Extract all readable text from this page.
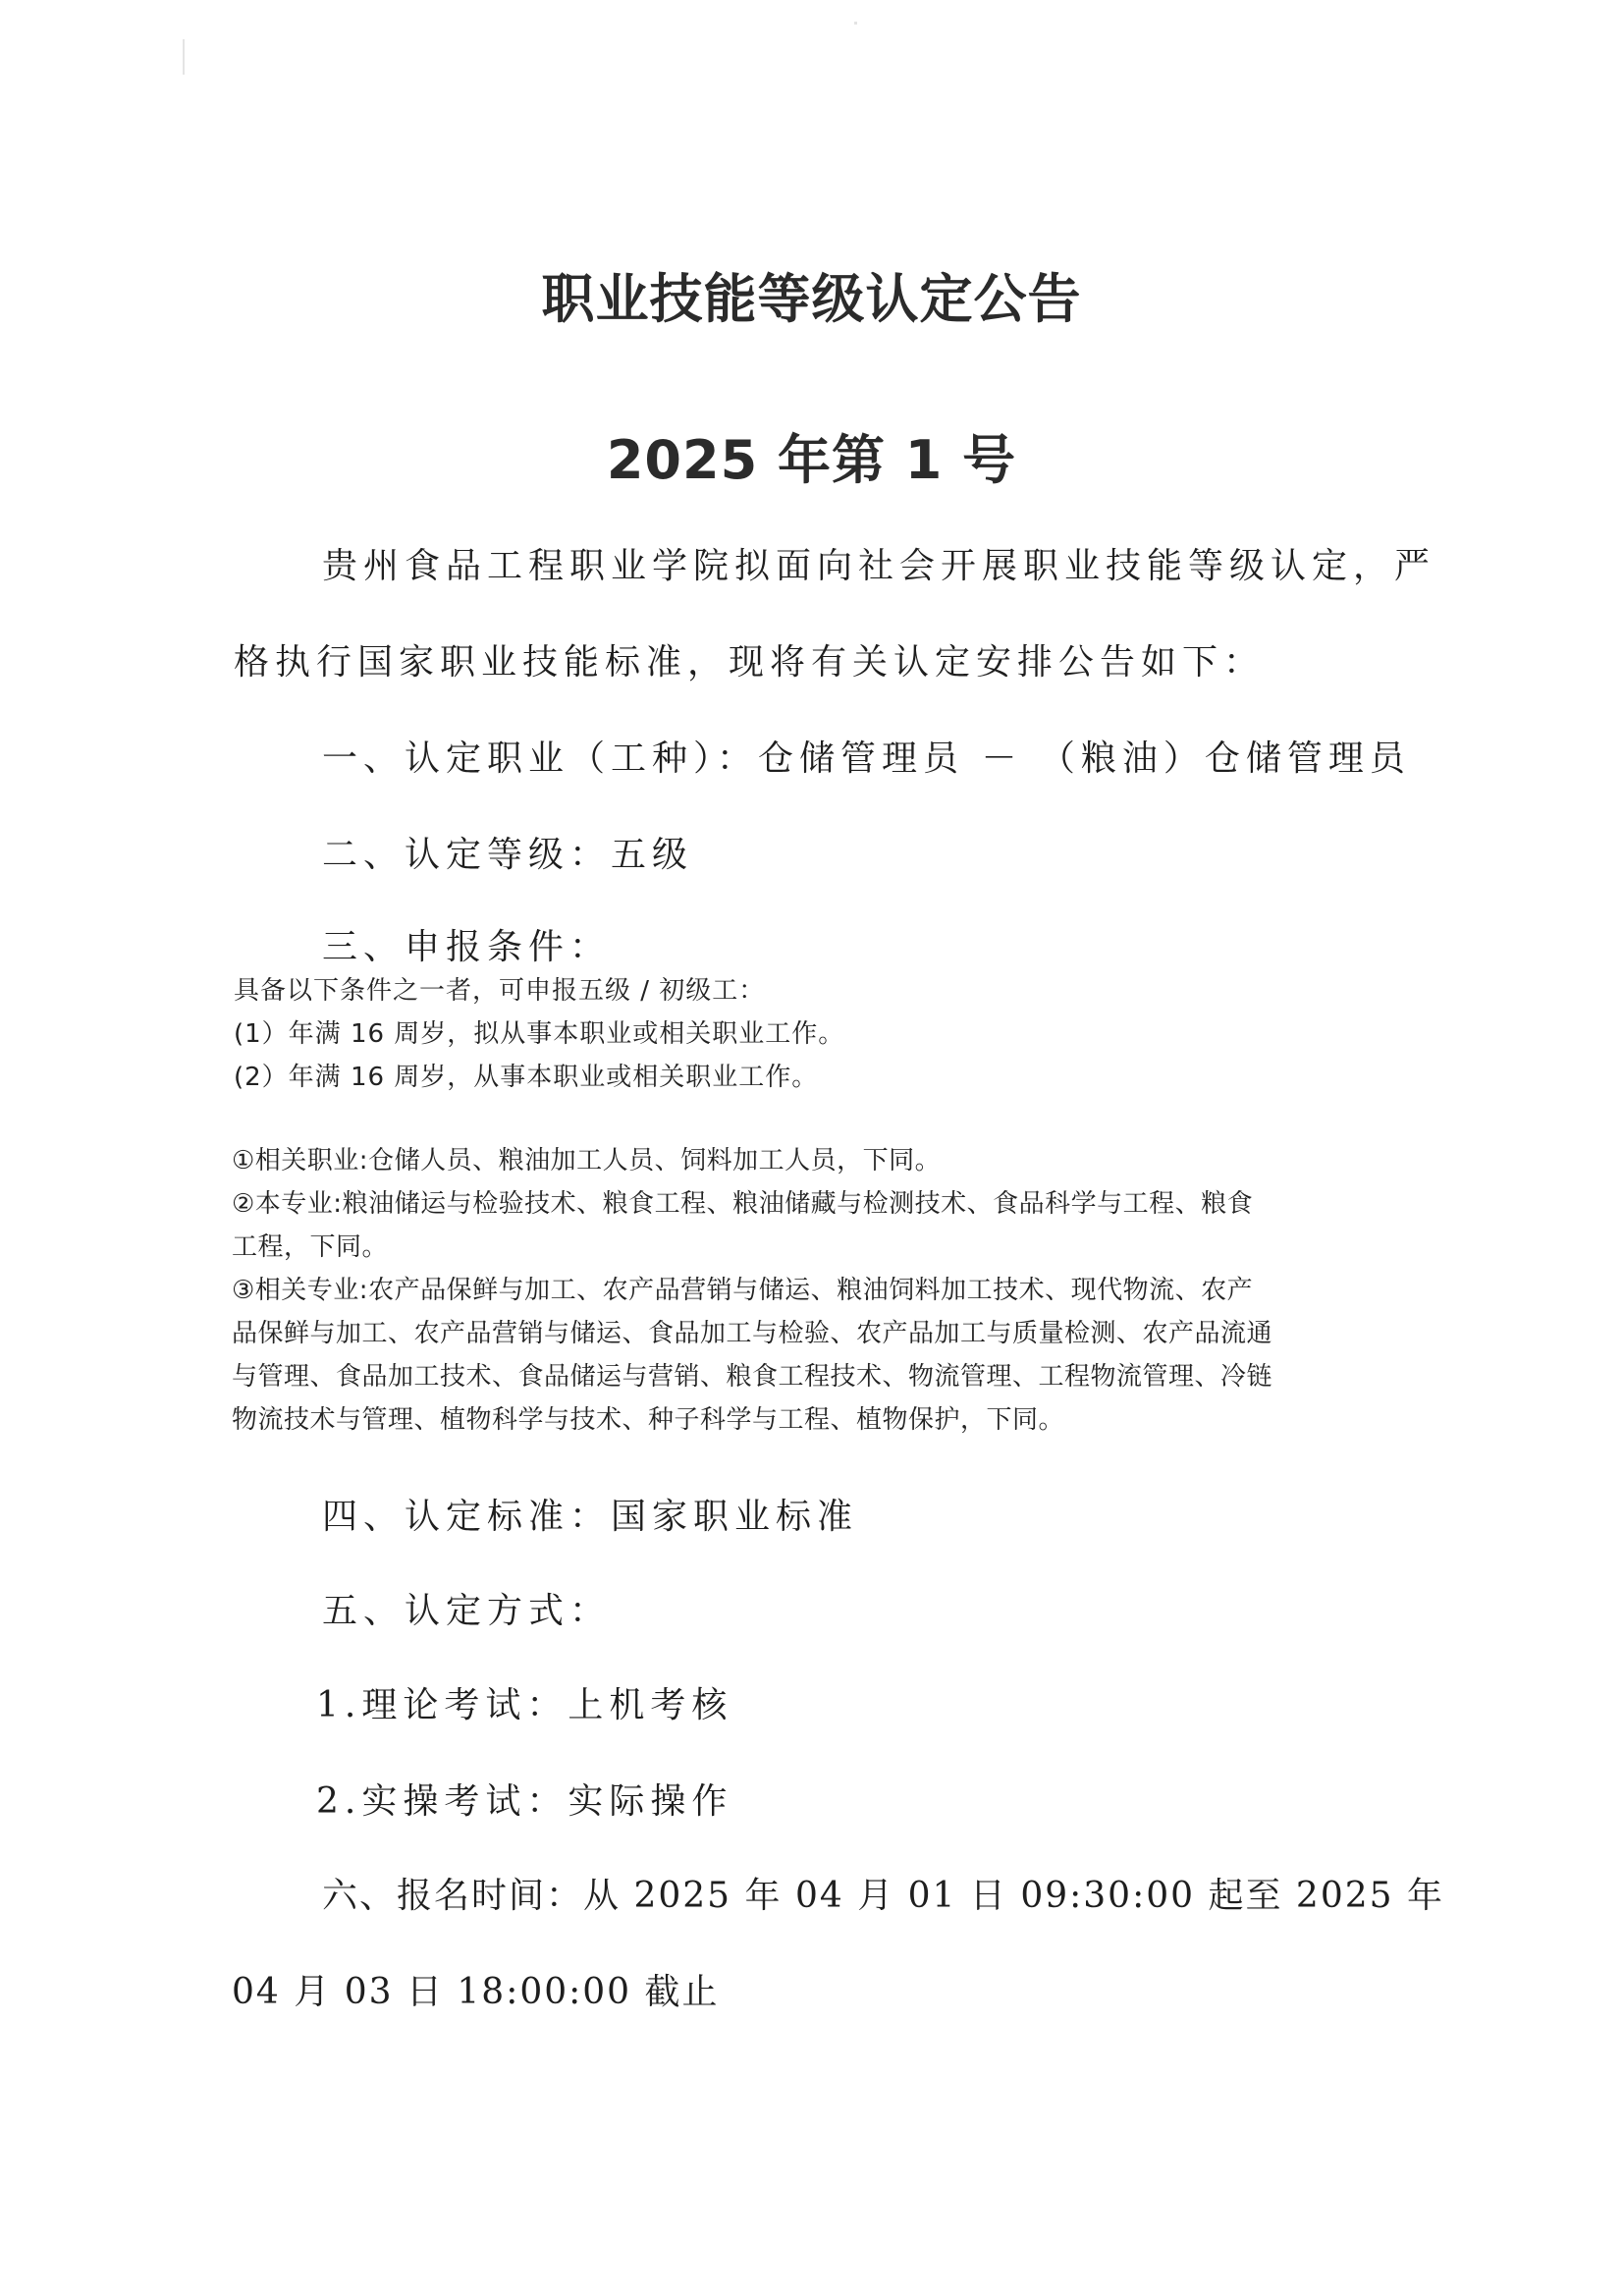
职业技能等级认定公告
2025 年第 1 号
贵州食品工程职业学院拟面向社会开展职业技能等级认定，严
格执行国家职业技能标准，现将有关认定安排公告如下：
一、认定职业（工种）：仓储管理员 － （粮油）仓储管理员
二、认定等级：五级
三、申报条件：
具备以下条件之一者，可申报五级 / 初级工：
(1）年满 16 周岁，拟从事本职业或相关职业工作。
(2）年满 16 周岁，从事本职业或相关职业工作。
①相关职业:仓储人员、粮油加工人员、饲料加工人员，下同。
②本专业:粮油储运与检验技术、粮食工程、粮油储藏与检测技术、食品科学与工程、粮食
工程，下同。
③相关专业:农产品保鲜与加工、农产品营销与储运、粮油饲料加工技术、现代物流、农产
品保鲜与加工、农产品营销与储运、食品加工与检验、农产品加工与质量检测、农产品流通
与管理、食品加工技术、食品储运与营销、粮食工程技术、物流管理、工程物流管理、冷链
物流技术与管理、植物科学与技术、种子科学与工程、植物保护，下同。
四、认定标准：国家职业标准
五、认定方式：
1.理论考试：上机考核
2.实操考试：实际操作
六、报名时间：从 2025 年 04 月 01 日 09:30:00 起至 2025 年
04 月 03 日 18:00:00 截止
